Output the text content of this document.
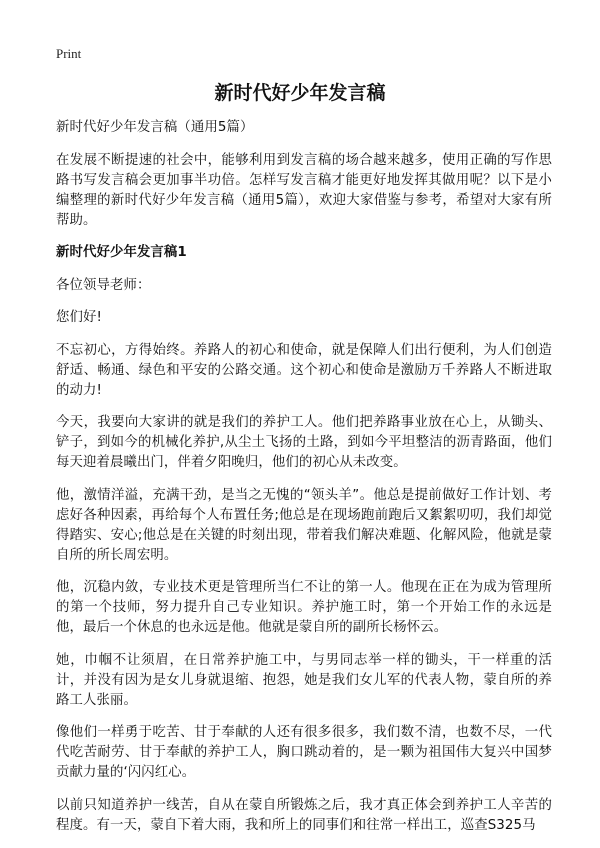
Print
新时代好少年发言稿

新时代好少年发言稿（通用5篇）

在发展不断提速的社会中，能够利用到发言稿的场合越来越多，使用正确的写作思路书写发言稿会更加事半功倍。怎样写发言稿才能更好地发挥其做用呢？以下是小编整理的新时代好少年发言稿（通用5篇），欢迎大家借鉴与参考，希望对大家有所帮助。

新时代好少年发言稿1

各位领导老师：

您们好!

不忘初心，方得始终。养路人的初心和使命，就是保障人们出行便利，为人们创造舒适、畅通、绿色和平安的公路交通。这个初心和使命是激励万千养路人不断进取的动力!

今天，我要向大家讲的就是我们的养护工人。他们把养路事业放在心上，从锄头、铲子，到如今的机械化养护,从尘土飞扬的土路，到如今平坦整洁的沥青路面，他们每天迎着晨曦出门，伴着夕阳晚归，他们的初心从未改变。

他，激情洋溢，充满干劲，是当之无愧的“领头羊”。他总是提前做好工作计划、考虑好各种因素，再给每个人布置任务;他总是在现场跑前跑后又絮絮叨叨，我们却觉得踏实、安心;他总是在关键的时刻出现，带着我们解决难题、化解风险，他就是蒙自所的所长周宏明。

他，沉稳内敛，专业技术更是管理所当仁不让的第一人。他现在正在为成为管理所的第一个技师，努力提升自己专业知识。养护施工时，第一个开始工作的永远是他，最后一个休息的也永远是他。他就是蒙自所的副所长杨怀云。

她，巾帼不让须眉，在日常养护施工中，与男同志举一样的锄头，干一样重的活计，并没有因为是女儿身就退缩、抱怨，她是我们女儿军的代表人物，蒙自所的养路工人张丽。

像他们一样勇于吃苦、甘于奉献的人还有很多很多，我们数不清，也数不尽，一代代吃苦耐劳、甘于奉献的养护工人，胸口跳动着的，是一颗为祖国伟大复兴中国梦贡献力量的‘闪闪红心。

以前只知道养护一线苦，自从在蒙自所锻炼之后，我才真正体会到养护工人辛苦的程度。有一天，蒙自下着大雨，我和所上的同事们和往常一样出工，巡查S325马
